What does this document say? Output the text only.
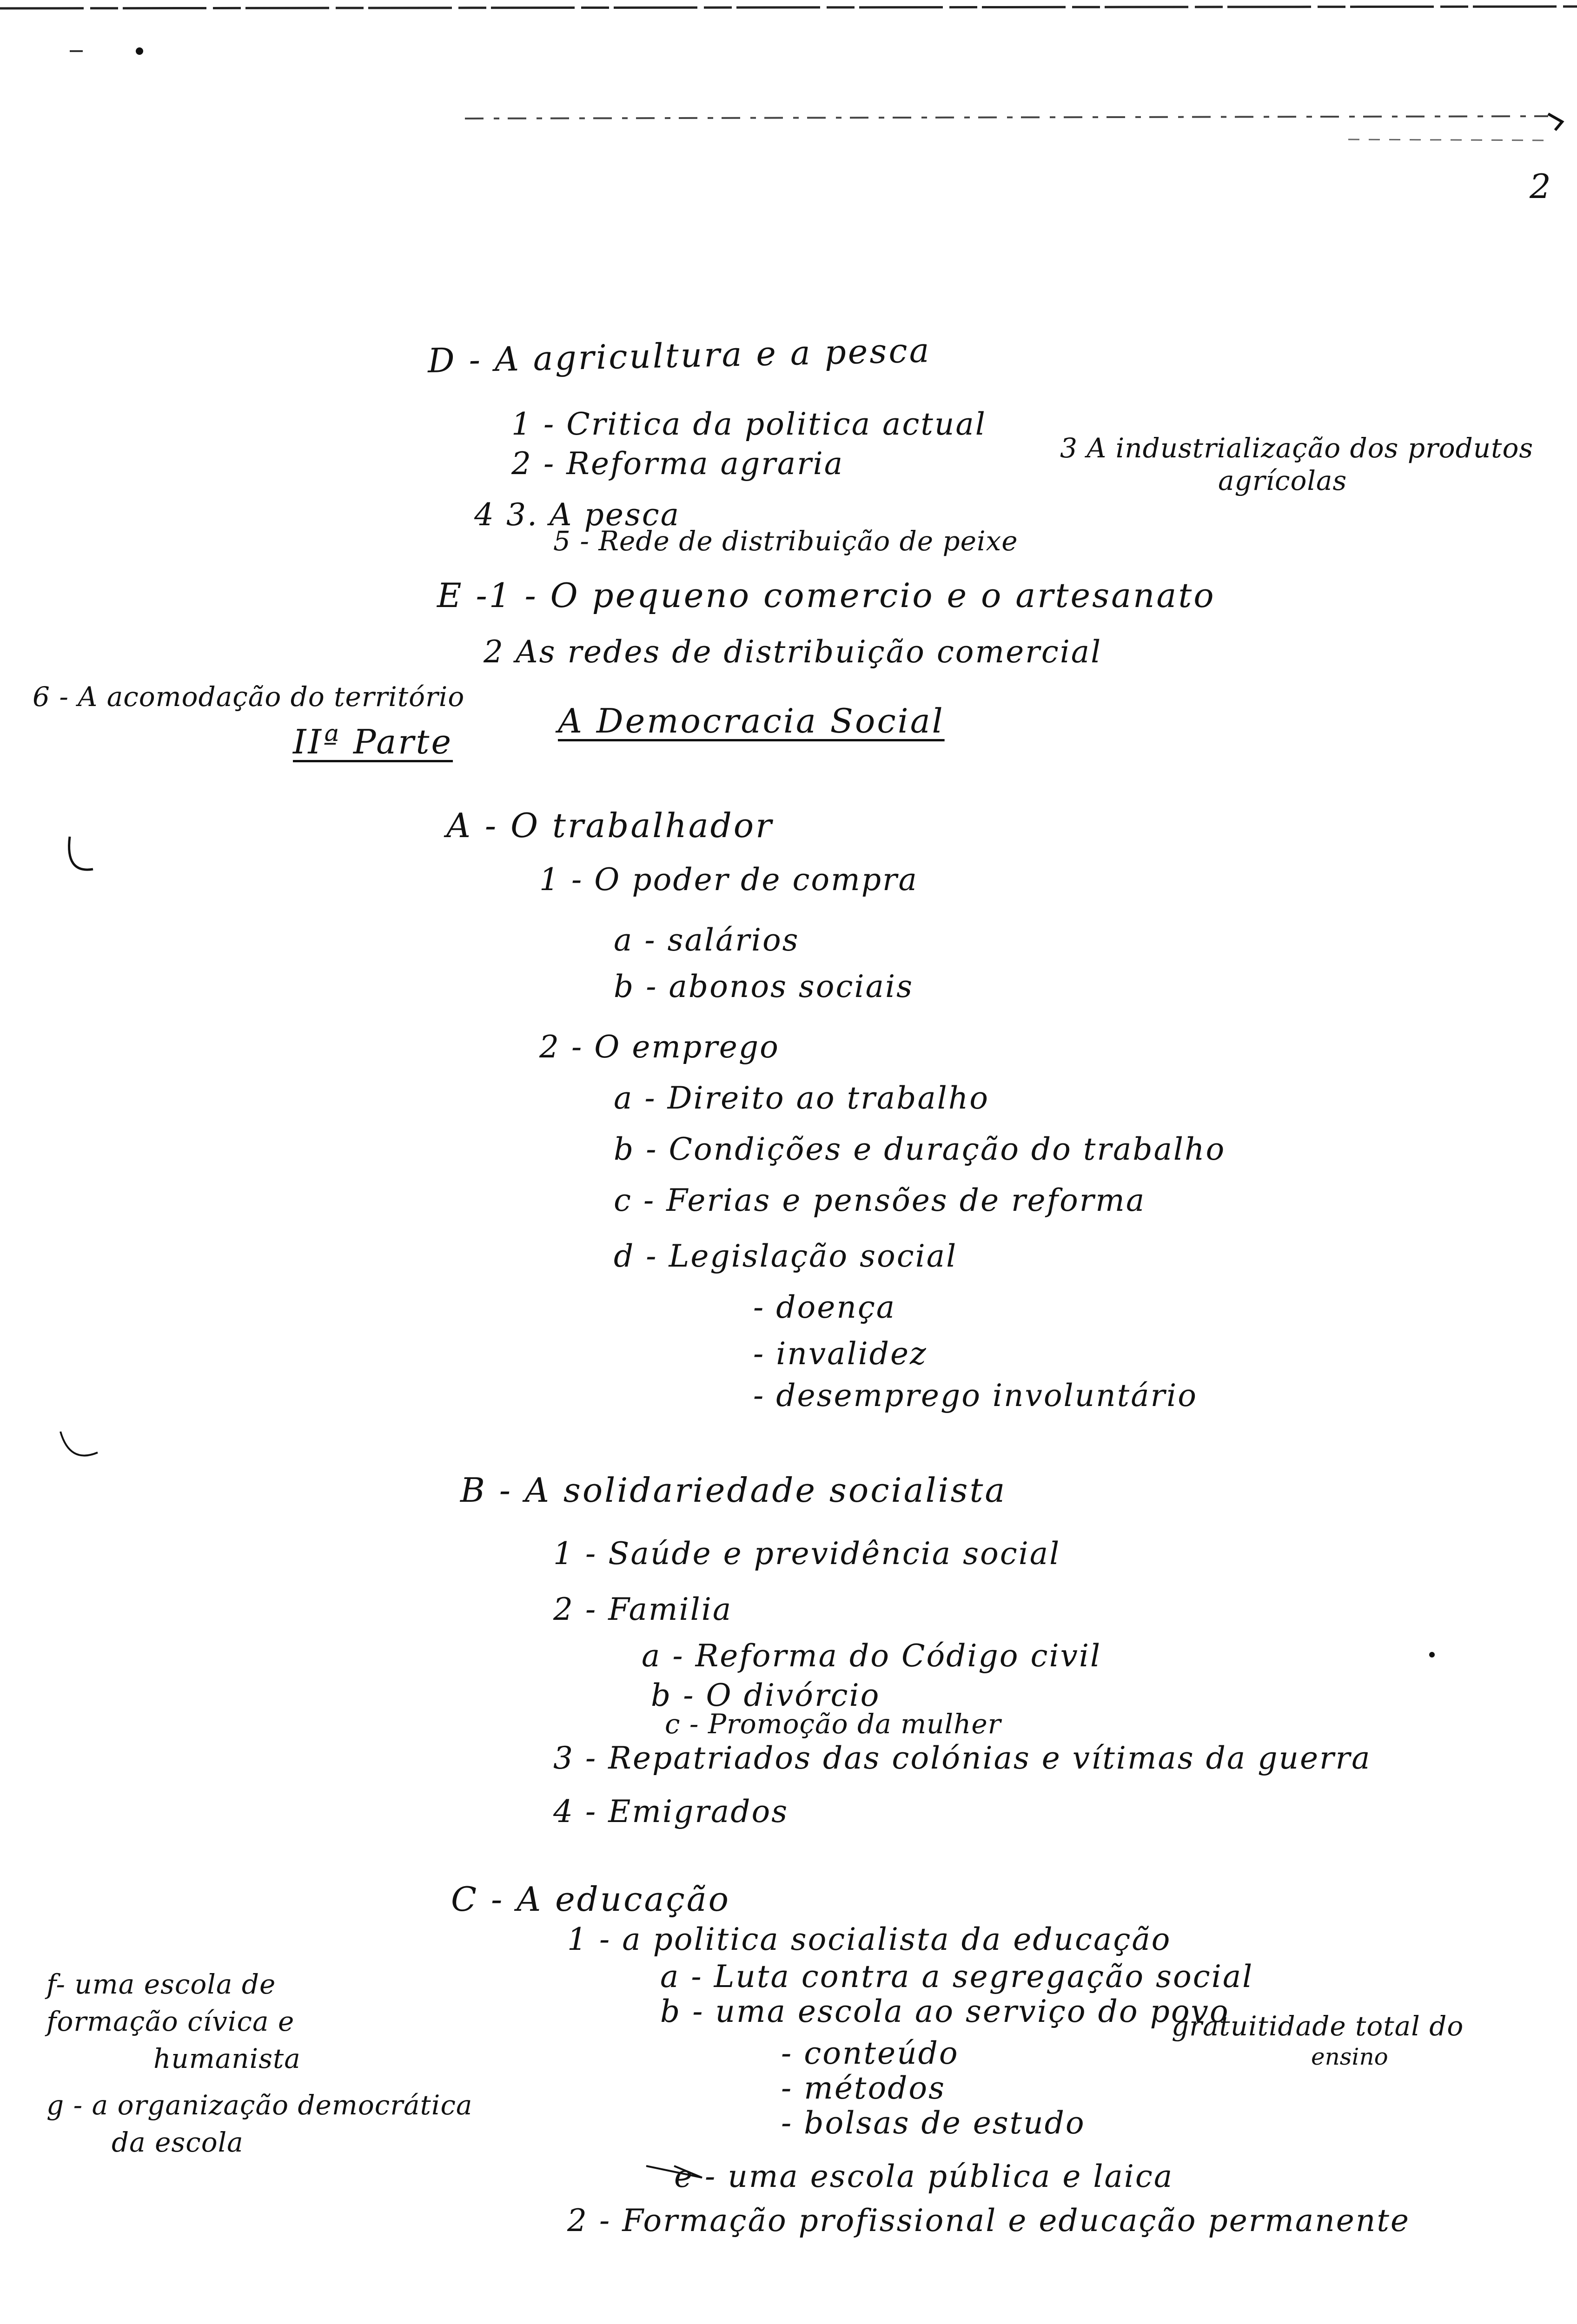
2
D - A agricultura e a pesca
1 - Critica da politica actual
2 - Reforma agraria	3 A industrialização dos produtos
agrícolas
4 3. A pesca
5 - Rede de distribuição de peixe
E -1 - O pequeno comercio e o artesanato
2 As redes de distribuição comercial
6 - A acomodação do território
IIª Parte
A Democracia Social
A - O trabalhador
1 - O poder de compra
a - salários
b - abonos sociais
2 - O emprego
a - Direito ao trabalho
b - Condições e duração do trabalho
c - Ferias e pensões de reforma
d - Legislação social
- doença
- invalidez
- desemprego involuntário
B - A solidariedade socialista
1 - Saúde e previdência social
2 - Familia
a - Reforma do Código civil
b - O divórcio
c - Promoção da mulher
3 - Repatriados das colónias e vítimas da guerra
4 - Emigrados
C - A educação
1 - a politica socialista da educação
a - Luta contra a segregação social
b - uma escola ao serviço do povo
- conteúdo
- métodos
- bolsas de estudo
gratuitidade total do
ensino
e - uma escola pública e laica
2 - Formação profissional e educação permanente
f- uma escola de
formação cívica e
humanista
g - a organização democrática
da escola
